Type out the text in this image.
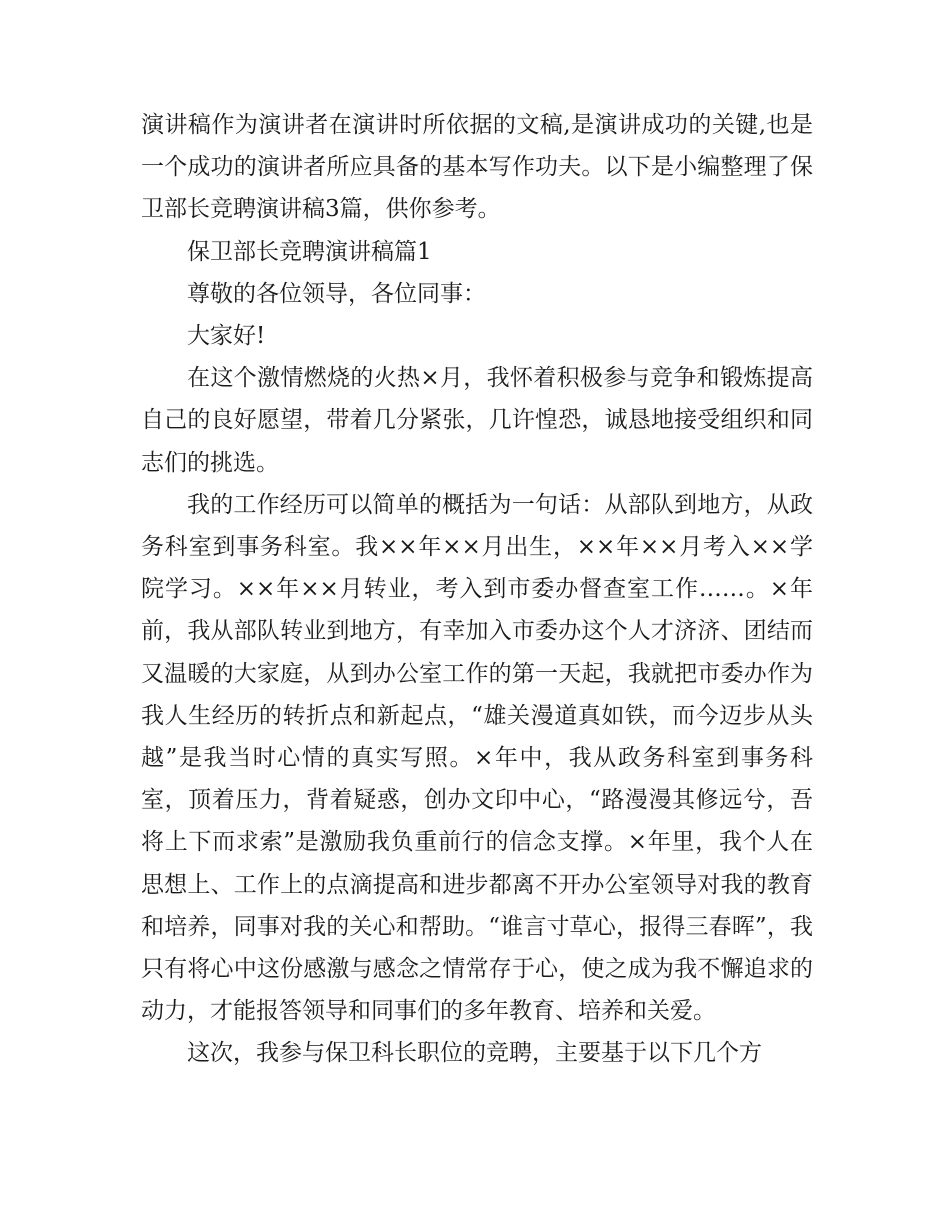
演讲稿作为演讲者在演讲时所依据的文稿,是演讲成功的关键,也是一个成功的演讲者所应具备的基本写作功夫。以下是小编整理了保卫部长竞聘演讲稿3篇，供你参考。

保卫部长竞聘演讲稿篇1

尊敬的各位领导，各位同事：

大家好!

在这个激情燃烧的火热×月，我怀着积极参与竞争和锻炼提高自己的良好愿望，带着几分紧张，几许惶恐，诚恳地接受组织和同志们的挑选。

我的工作经历可以简单的概括为一句话：从部队到地方，从政务科室到事务科室。我××年××月出生，××年××月考入××学院学习。××年××月转业，考入到市委办督查室工作……。×年前，我从部队转业到地方，有幸加入市委办这个人才济济、团结而又温暖的大家庭，从到办公室工作的第一天起，我就把市委办作为我人生经历的转折点和新起点，“雄关漫道真如铁，而今迈步从头越”是我当时心情的真实写照。×年中，我从政务科室到事务科室，顶着压力，背着疑惑，创办文印中心，“路漫漫其修远兮，吾将上下而求索”是激励我负重前行的信念支撑。×年里，我个人在思想上、工作上的点滴提高和进步都离不开办公室领导对我的教育和培养，同事对我的关心和帮助。“谁言寸草心，报得三春晖”，我只有将心中这份感激与感念之情常存于心，使之成为我不懈追求的动力，才能报答领导和同事们的多年教育、培养和关爱。

这次，我参与保卫科长职位的竞聘，主要基于以下几个方
